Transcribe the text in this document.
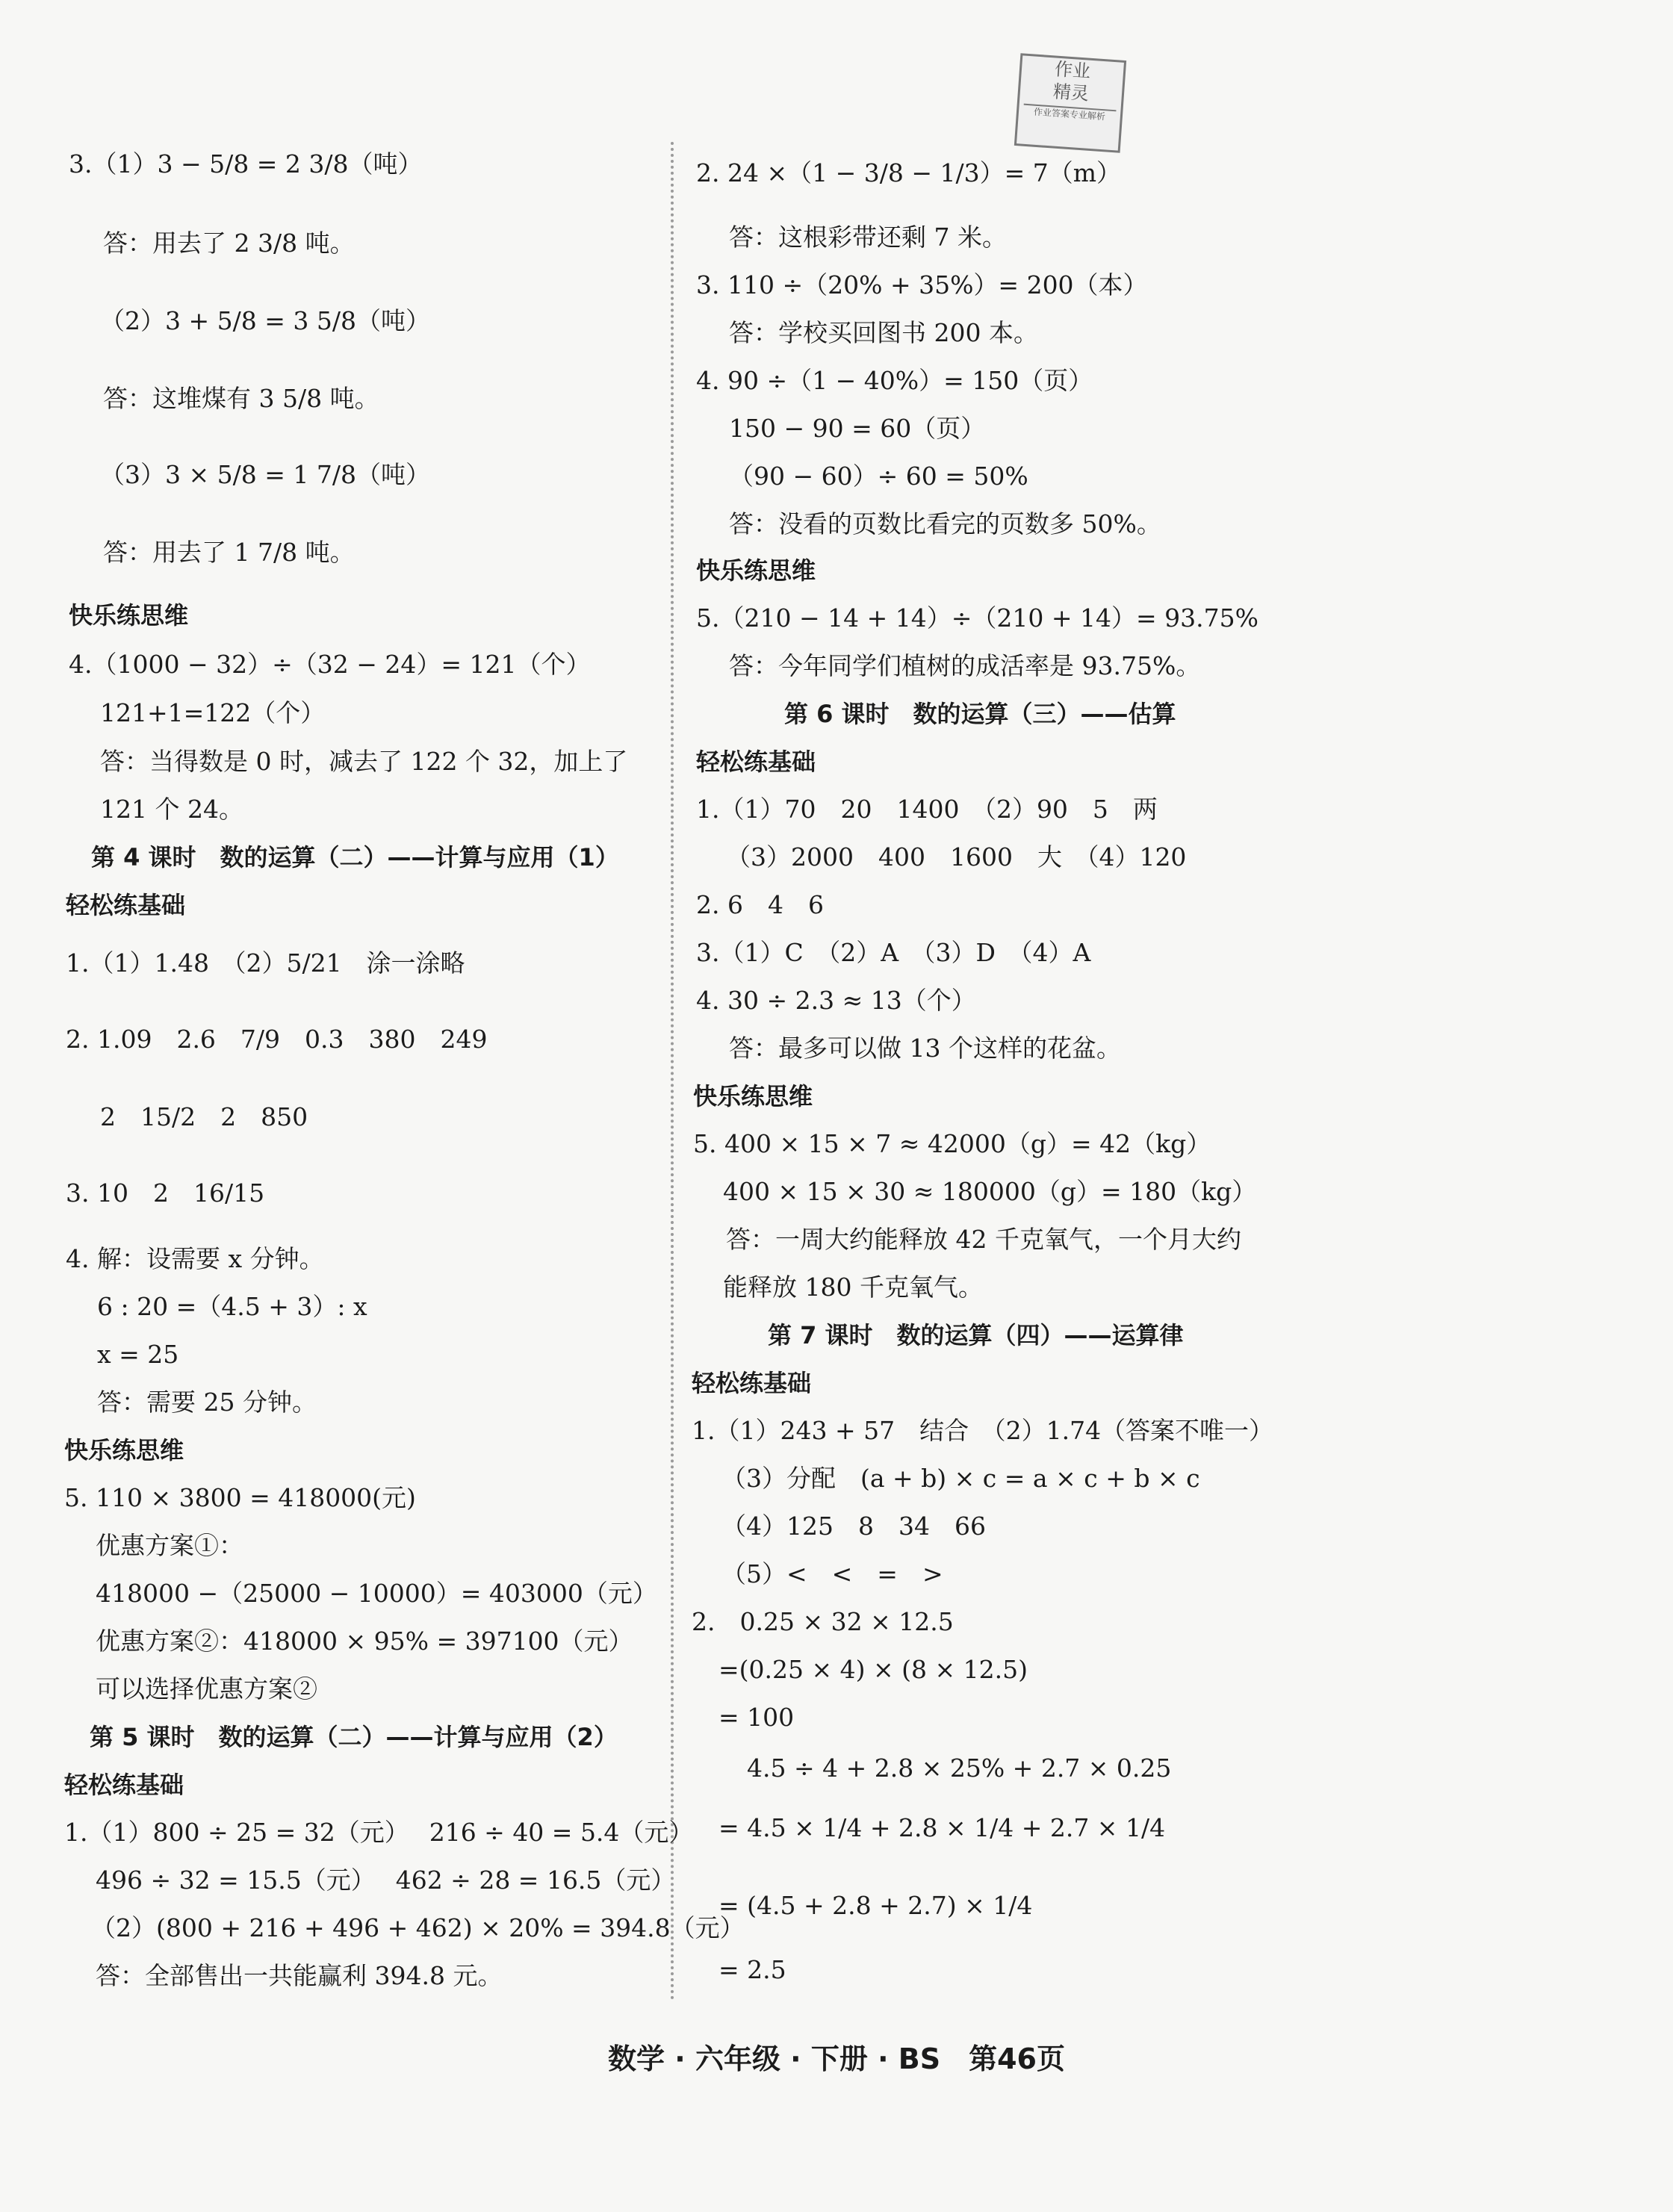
作业
精灵
作业答案专业解析
3.（1）3 − 5/8 = 2 3/8（吨）
答：用去了 2 3/8 吨。
（2）3 + 5/8 = 3 5/8（吨）
答：这堆煤有 3 5/8 吨。
（3）3 × 5/8 = 1 7/8（吨）
答：用去了 1 7/8 吨。
快乐练思维
4.（1000 − 32）÷（32 − 24）= 121（个）
121+1=122（个）
答：当得数是 0 时，减去了 122 个 32，加上了
121 个 24。
第 4 课时　数的运算（二）——计算与应用（1）
轻松练基础
1.（1）1.48　（2）5/21　涂一涂略
2. 1.09　2.6　7/9　0.3　380　249
2　15/2　2　850
3. 10　2　16/15
4. 解：设需要 x 分钟。
6 : 20 =（4.5 + 3）: x
x = 25
答：需要 25 分钟。
快乐练思维
5. 110 × 3800 = 418000(元)
优惠方案①：
418000 −（25000 − 10000）= 403000（元）
优惠方案②：418000 × 95% = 397100（元）
可以选择优惠方案②
第 5 课时　数的运算（二）——计算与应用（2）
轻松练基础
1.（1）800 ÷ 25 = 32（元）　 216 ÷ 40 = 5.4（元）
496 ÷ 32 = 15.5（元）　 462 ÷ 28 = 16.5（元）
（2）(800 + 216 + 496 + 462) × 20% = 394.8（元）
答：全部售出一共能赢利 394.8 元。
2. 24 ×（1 − 3/8 − 1/3）= 7（m）
答：这根彩带还剩 7 米。
3. 110 ÷（20% + 35%）= 200（本）
答：学校买回图书 200 本。
4. 90 ÷（1 − 40%）= 150（页）
150 − 90 = 60（页）
（90 − 60）÷ 60 = 50%
答：没看的页数比看完的页数多 50%。
快乐练思维
5.（210 − 14 + 14）÷（210 + 14）= 93.75%
答：今年同学们植树的成活率是 93.75%。
第 6 课时　数的运算（三）——估算
轻松练基础
1.（1）70　20　1400　（2）90　5　两
（3）2000　400　1600　大　（4）120
2. 6　4　6
3.（1）C　（2）A　（3）D　（4）A
4. 30 ÷ 2.3 ≈ 13（个）
答：最多可以做 13 个这样的花盆。
快乐练思维
5. 400 × 15 × 7 ≈ 42000（g）= 42（kg）
400 × 15 × 30 ≈ 180000（g）= 180（kg）
答：一周大约能释放 42 千克氧气，一个月大约
能释放 180 千克氧气。
第 7 课时　数的运算（四）——运算律
轻松练基础
1.（1）243 + 57　结合　（2）1.74（答案不唯一）
（3）分配　(a + b) × c = a × c + b × c
（4）125　8　34　66
（5）<　<　=　>
2.　0.25 × 32 × 12.5
=(0.25 × 4) × (8 × 12.5)
= 100
4.5 ÷ 4 + 2.8 × 25% + 2.7 × 0.25
= 4.5 × 1/4 + 2.8 × 1/4 + 2.7 × 1/4
= (4.5 + 2.8 + 2.7) × 1/4
= 2.5
数学 · 六年级 · 下册 · BS　第46页
